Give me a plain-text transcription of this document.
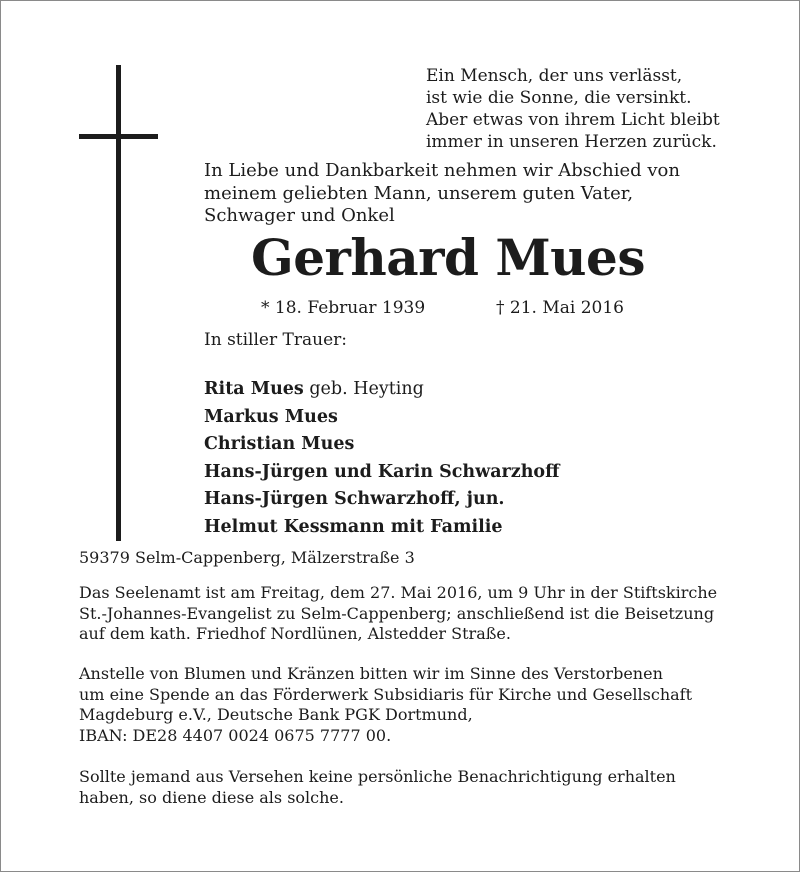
Ein Mensch, der uns verlässt,
ist wie die Sonne, die versinkt.
Aber etwas von ihrem Licht bleibt
immer in unseren Herzen zurück.
In Liebe und Dankbarkeit nehmen wir Abschied von
meinem geliebten Mann, unserem guten Vater,
Schwager und Onkel
Gerhard Mues
* 18. Februar 1939	† 21. Mai 2016
In stiller Trauer:
Rita Mues geb. Heyting
Markus Mues
Christian Mues
Hans-Jürgen und Karin Schwarzhoff
Hans-Jürgen Schwarzhoff, jun.
Helmut Kessmann mit Familie
59379 Selm-Cappenberg, Mälzerstraße 3
Das Seelenamt ist am Freitag, dem 27. Mai 2016, um 9 Uhr in der Stiftskirche
St.-Johannes-Evangelist zu Selm-Cappenberg; anschließend ist die Beisetzung
auf dem kath. Friedhof Nordlünen, Alstedder Straße.
Anstelle von Blumen und Kränzen bitten wir im Sinne des Verstorbenen
um eine Spende an das Förderwerk Subsidiaris für Kirche und Gesellschaft
Magdeburg e.V., Deutsche Bank PGK Dortmund,
IBAN: DE28 4407 0024 0675 7777 00.
Sollte jemand aus Versehen keine persönliche Benachrichtigung erhalten
haben, so diene diese als solche.
